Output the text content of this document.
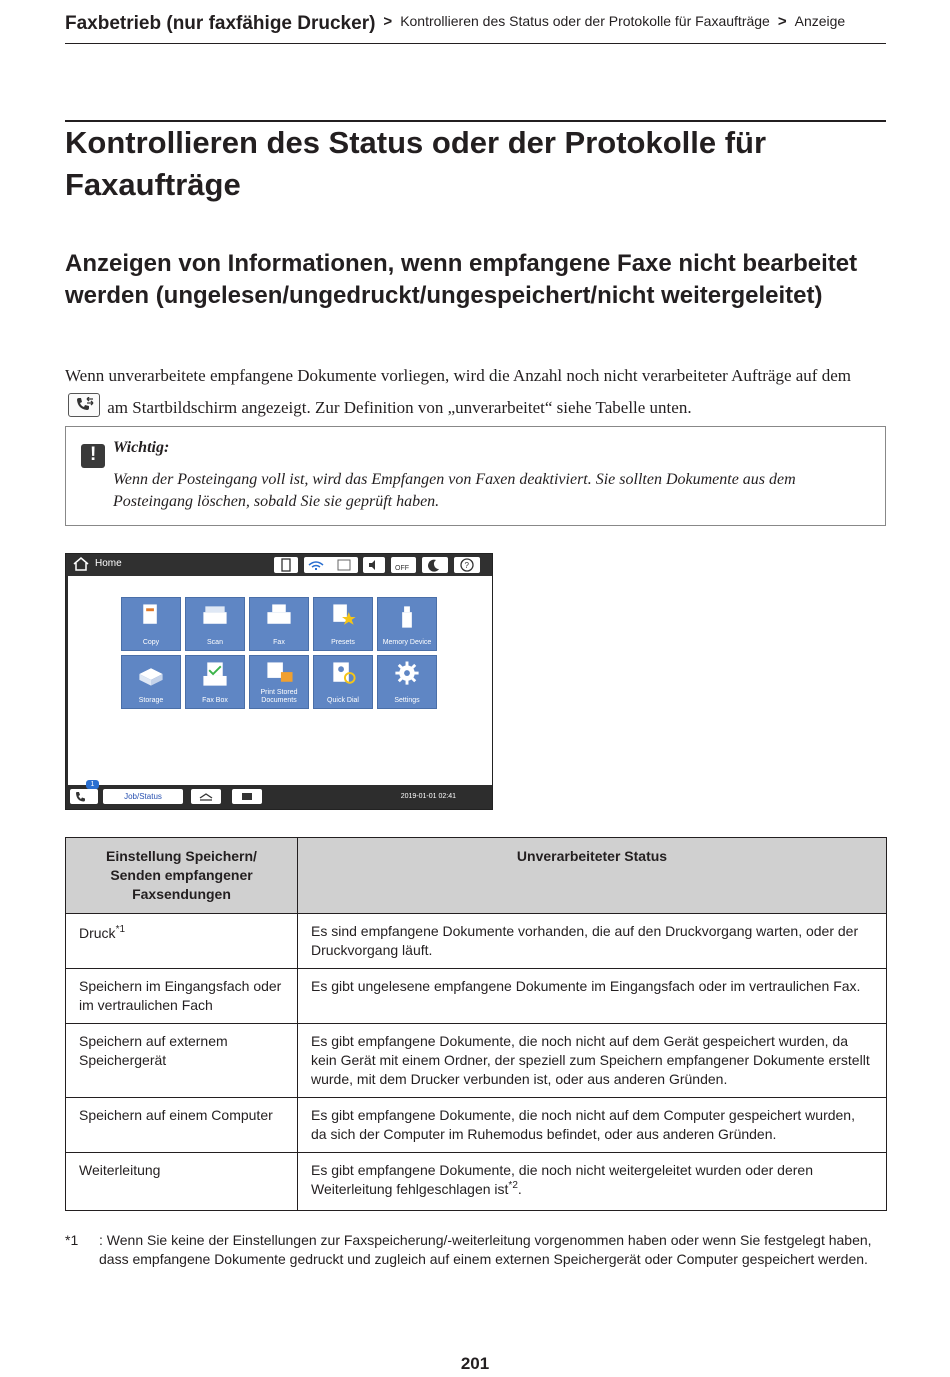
Faxbetrieb (nur faxfähige Drucker) > Kontrollieren des Status oder der Protokolle für Faxaufträge > Anzeige
Kontrollieren des Status oder der Protokolle für Faxaufträge
Anzeigen von Informationen, wenn empfangene Faxe nicht bearbeitet werden (ungelesen/ungedruckt/ungespeichert/nicht weitergeleitet)

Wenn unverarbeitete empfangene Dokumente vorliegen, wird die Anzahl noch nicht verarbeiteter Aufträge auf dem
am Startbildschirm angezeigt. Zur Definition von „unverarbeitet“ siehe Tabelle unten.

!
Wichtig:
Wenn der Posteingang voll ist, wird das Empfangen von Faxen deaktiviert. Sie sollten Dokumente aus dem Posteingang löschen, sobald Sie sie geprüft haben.
Home	OFF	?
Copy	Scan	Fax	Presets	Memory Device
Storage	Fax Box
Print Stored Documents	Quick Dial	Settings
1
Job/Status	2019-01-01 02:41
Einstellung Speichern/ Senden empfangener Faxsendungen	Unverarbeiteter Status
Druck$^{*1}$	Es sind empfangene Dokumente vorhanden, die auf den Druckvorgang warten, oder der Druckvorgang läuft.
Speichern im Eingangsfach oder im vertraulichen Fach	Es gibt ungelesene empfangene Dokumente im Eingangsfach oder im vertraulichen Fax.
Speichern auf externem Speichergerät	Es gibt empfangene Dokumente, die noch nicht auf dem Gerät gespeichert wurden, da kein Gerät mit einem Ordner, der speziell zum Speichern empfangener Dokumente erstellt wurde, mit dem Drucker verbunden ist, oder aus anderen Gründen.
Speichern auf einem Computer	Es gibt empfangene Dokumente, die noch nicht auf dem Computer gespeichert wurden, da sich der Computer im Ruhemodus befindet, oder aus anderen Gründen.
Weiterleitung	Es gibt empfangene Dokumente, die noch nicht weitergeleitet wurden oder deren Weiterleitung fehlgeschlagen ist$^{*2}$.
*1 : Wenn Sie keine der Einstellungen zur Faxspeicherung/-weiterleitung vorgenommen haben oder wenn Sie festgelegt haben, dass empfangene Dokumente gedruckt und zugleich auf einem externen Speichergerät oder Computer gespeichert werden.
201
